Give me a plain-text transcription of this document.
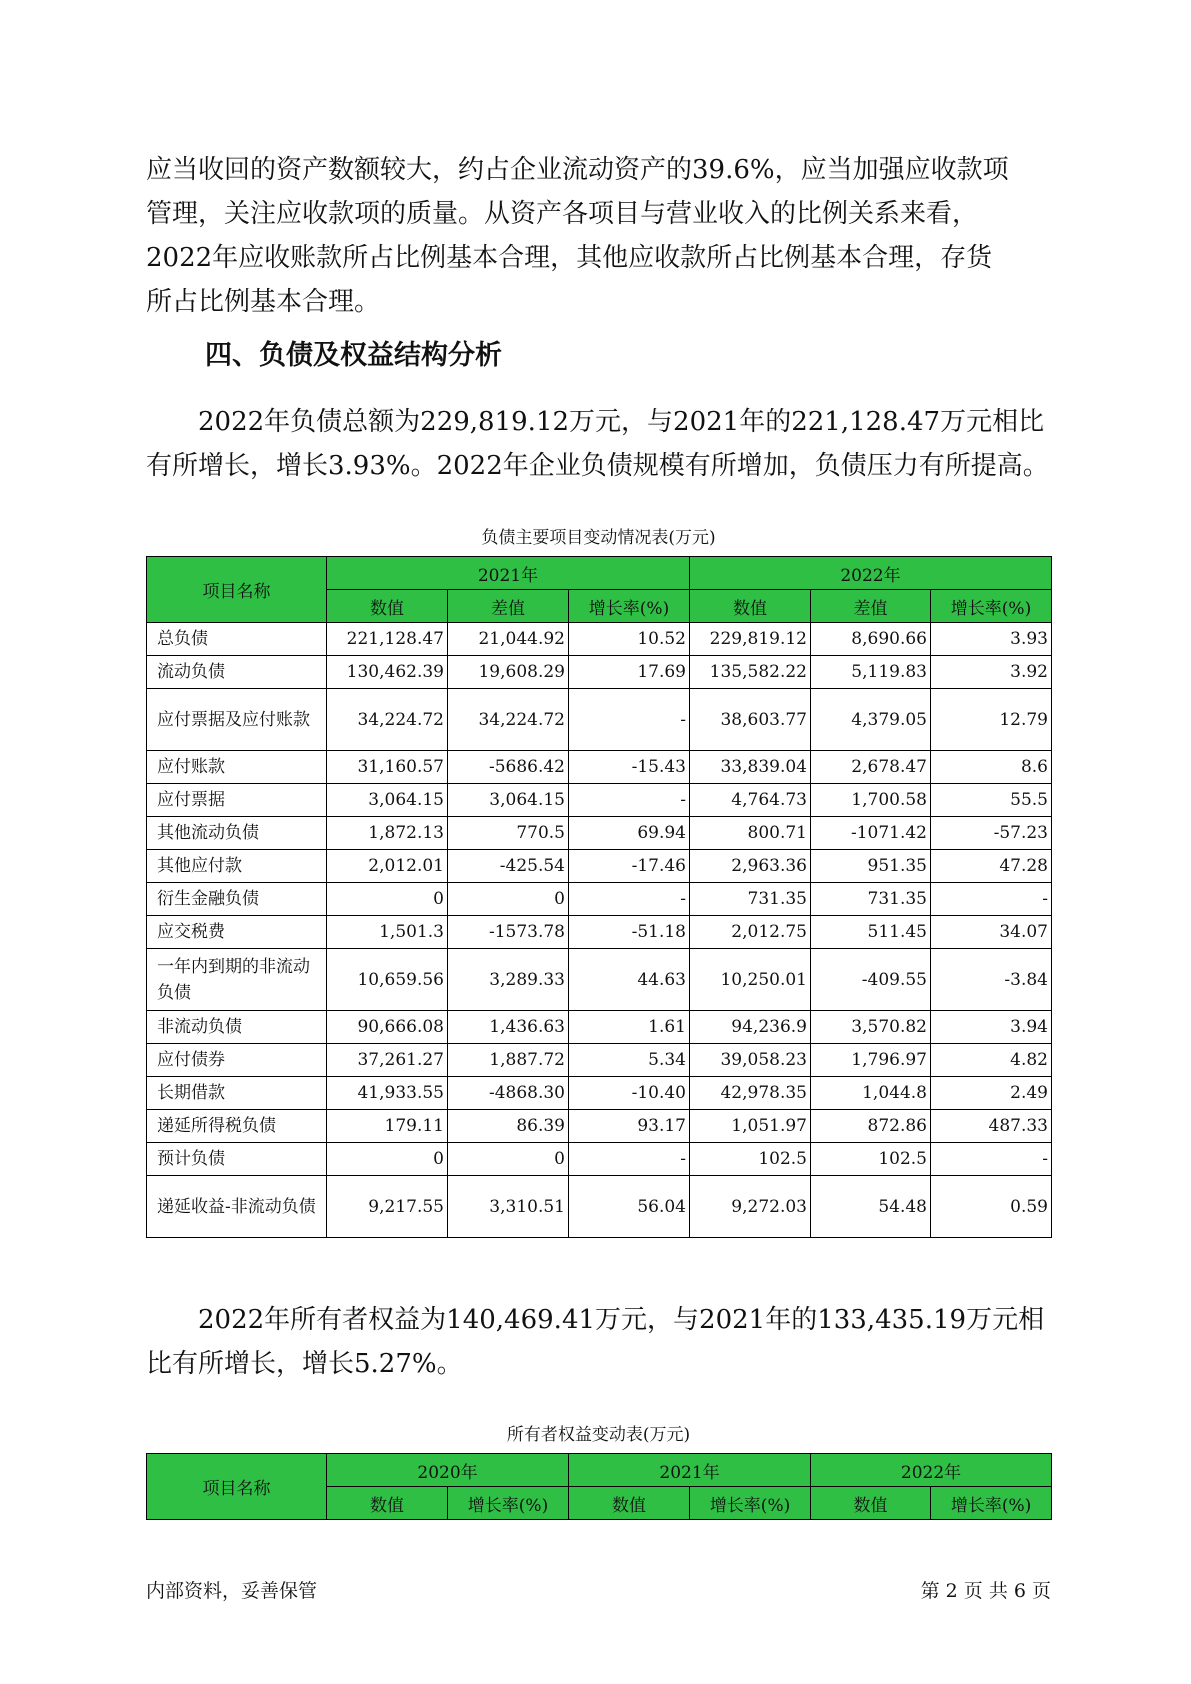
应当收回的资产数额较大，约占企业流动资产的39.6%，应当加强应收款项
管理，关注应收款项的质量。从资产各项目与营业收入的比例关系来看，
2022年应收账款所占比例基本合理，其他应收款所占比例基本合理，存货
所占比例基本合理。

四、负债及权益结构分析

2022年负债总额为229,819.12万元，与2021年的221,128.47万元相比
有所增长，增长3.93%。2022年企业负债规模有所增加，负债压力有所提高。

负债主要项目变动情况表(万元)
项目名称	2021年			2022年		
	数值	差值	增长率(%)	数值	差值	增长率(%)
总负债	221,128.47	21,044.92	10.52	229,819.12	8,690.66	3.93
流动负债	130,462.39	19,608.29	17.69	135,582.22	5,119.83	3.92
应付票据及应付账款	34,224.72	34,224.72	-	38,603.77	4,379.05	12.79
应付账款	31,160.57	-5686.42	-15.43	33,839.04	2,678.47	8.6
应付票据	3,064.15	3,064.15	-	4,764.73	1,700.58	55.5
其他流动负债	1,872.13	770.5	69.94	800.71	-1071.42	-57.23
其他应付款	2,012.01	-425.54	-17.46	2,963.36	951.35	47.28
衍生金融负债	0	0	-	731.35	731.35	-
应交税费	1,501.3	-1573.78	-51.18	2,012.75	511.45	34.07
一年内到期的非流动负债	10,659.56	3,289.33	44.63	10,250.01	-409.55	-3.84
非流动负债	90,666.08	1,436.63	1.61	94,236.9	3,570.82	3.94
应付债券	37,261.27	1,887.72	5.34	39,058.23	1,796.97	4.82
长期借款	41,933.55	-4868.30	-10.40	42,978.35	1,044.8	2.49
递延所得税负债	179.11	86.39	93.17	1,051.97	872.86	487.33
预计负债	0	0	-	102.5	102.5	-
递延收益-非流动负债	9,217.55	3,310.51	56.04	9,272.03	54.48	0.59

2022年所有者权益为140,469.41万元，与2021年的133,435.19万元相
比有所增长，增长5.27%。

所有者权益变动表(万元)
项目名称	2020年		2021年		2022年	
	数值	增长率(%)	数值	增长率(%)	数值	增长率(%)
内部资料，妥善保管	第 2 页 共 6 页
